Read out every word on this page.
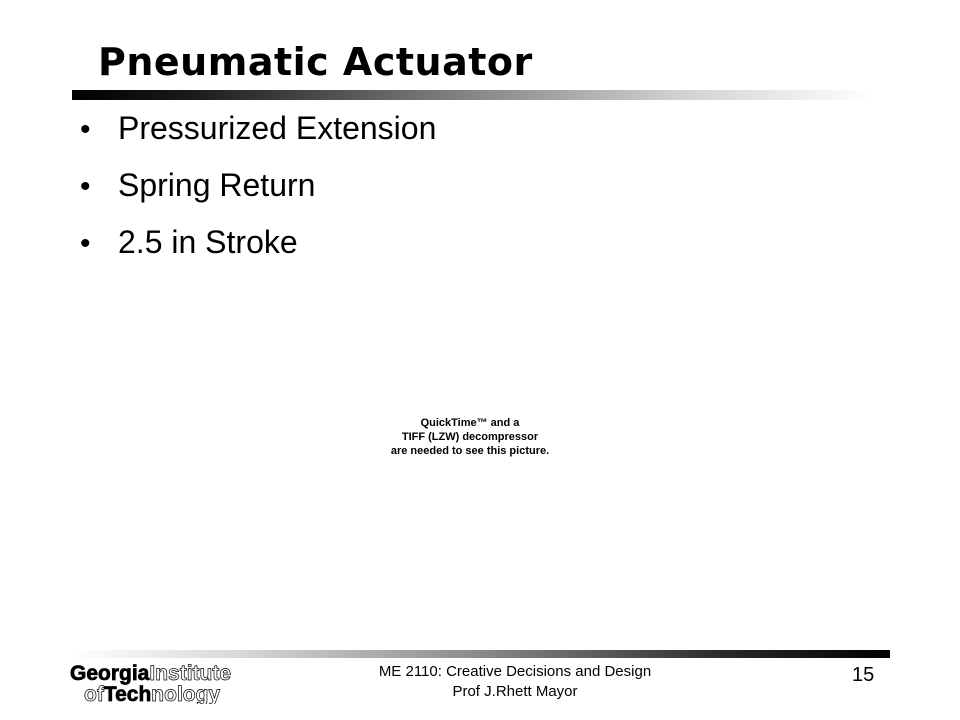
Pneumatic Actuator
• Pressurized Extension
• Spring Return
• 2.5 in Stroke
QuickTime™ and a
TIFF (LZW) decompressor
are needed to see this picture.
GeorgiaInstitute
ofTechnology
ME 2110: Creative Decisions and Design
Prof J.Rhett Mayor
15
